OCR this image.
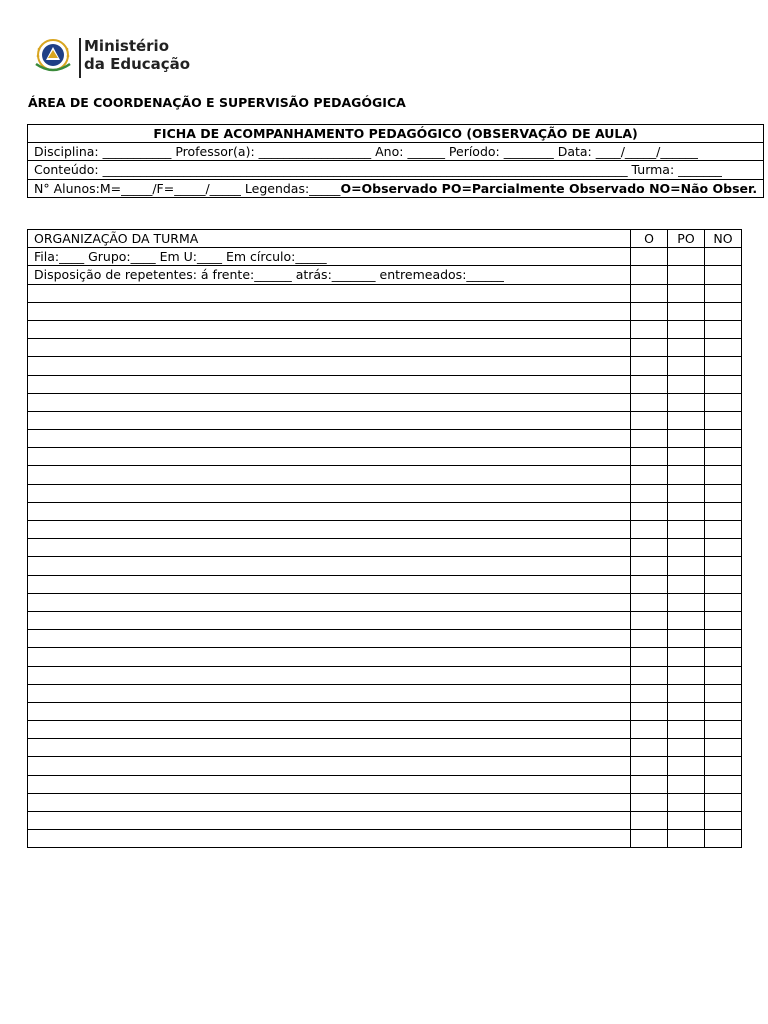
Ministério
da Educação
ÁREA DE COORDENAÇÃO E SUPERVISÃO PEDAGÓGICA
FICHA DE ACOMPANHAMENTO PEDAGÓGICO (OBSERVAÇÃO DE AULA)
Disciplina: ___________ Professor(a): __________________ Ano: ______ Período: ________ Data: ____/_____/______
Conteúdo: ____________________________________________________________________________________ Turma: _______
N° Alunos:M=_____/F=_____/_____ Legendas:_____O=Observado PO=Parcialmente Observado NO=Não Obser.
ORGANIZAÇÃO DA TURMA	O	PO	NO
Fila:____ Grupo:____ Em U:____ Em círculo:_____			
Disposição de repetentes: á frente:______ atrás:_______ entremeados:______			
